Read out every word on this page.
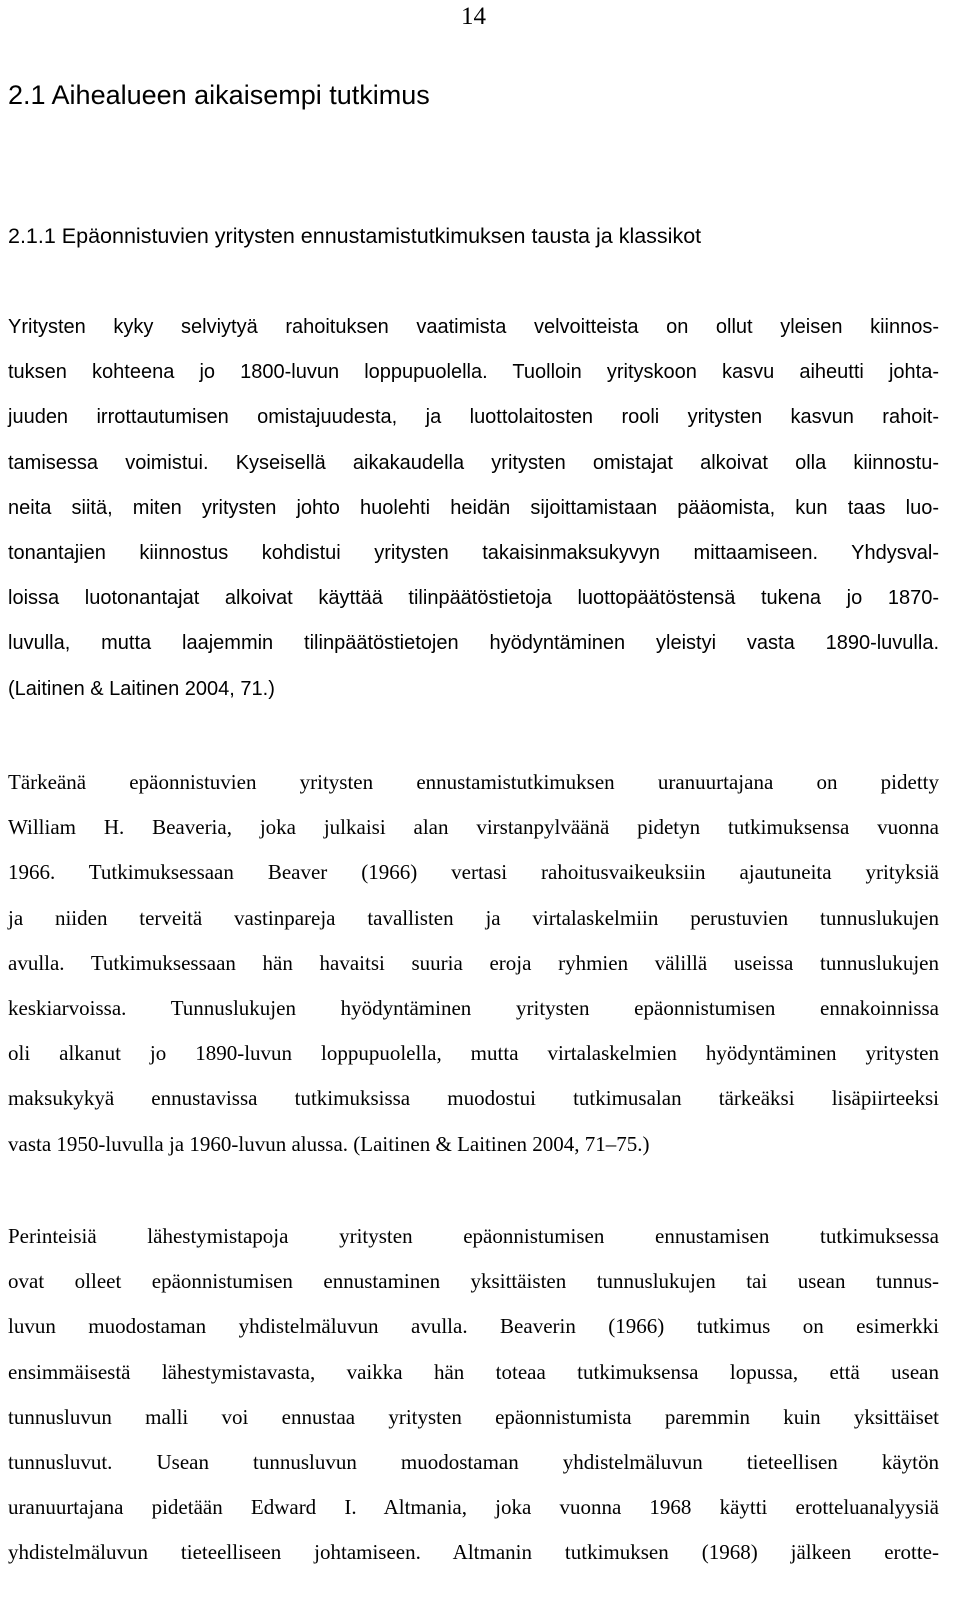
14
2.1 Aihealueen aikaisempi tutkimus
2.1.1 Epäonnistuvien yritysten ennustamistutkimuksen tausta ja klassikot
Yritysten kyky selviytyä rahoituksen vaatimista velvoitteista on ollut yleisen kiinnos-
tuksen kohteena jo 1800-luvun loppupuolella. Tuolloin yrityskoon kasvu aiheutti johta-
juuden irrottautumisen omistajuudesta, ja luottolaitosten rooli yritysten kasvun rahoit-
tamisessa voimistui. Kyseisellä aikakaudella yritysten omistajat alkoivat olla kiinnostu-
neita siitä, miten yritysten johto huolehti heidän sijoittamistaan pääomista, kun taas luo-
tonantajien kiinnostus kohdistui yritysten takaisinmaksukyvyn mittaamiseen. Yhdysval-
loissa luotonantajat alkoivat käyttää tilinpäätöstietoja luottopäätöstensä tukena jo 1870-
luvulla, mutta laajemmin tilinpäätöstietojen hyödyntäminen yleistyi vasta 1890-luvulla.
(Laitinen & Laitinen 2004, 71.)
Tärkeänä epäonnistuvien yritysten ennustamistutkimuksen uranuurtajana on pidetty
William H. Beaveria, joka julkaisi alan virstanpylväänä pidetyn tutkimuksensa vuonna
1966. Tutkimuksessaan Beaver (1966) vertasi rahoitusvaikeuksiin ajautuneita yrityksiä
ja niiden terveitä vastinpareja tavallisten ja virtalaskelmiin perustuvien tunnuslukujen
avulla. Tutkimuksessaan hän havaitsi suuria eroja ryhmien välillä useissa tunnuslukujen
keskiarvoissa. Tunnuslukujen hyödyntäminen yritysten epäonnistumisen ennakoinnissa
oli alkanut jo 1890-luvun loppupuolella, mutta virtalaskelmien hyödyntäminen yritysten
maksukykyä ennustavissa tutkimuksissa muodostui tutkimusalan tärkeäksi lisäpiirteeksi
vasta 1950-luvulla ja 1960-luvun alussa. (Laitinen & Laitinen 2004, 71–75.)
Perinteisiä lähestymistapoja yritysten epäonnistumisen ennustamisen tutkimuksessa
ovat olleet epäonnistumisen ennustaminen yksittäisten tunnuslukujen tai usean tunnus-
luvun muodostaman yhdistelmäluvun avulla. Beaverin (1966) tutkimus on esimerkki
ensimmäisestä lähestymistavasta, vaikka hän toteaa tutkimuksensa lopussa, että usean
tunnusluvun malli voi ennustaa yritysten epäonnistumista paremmin kuin yksittäiset
tunnusluvut. Usean tunnusluvun muodostaman yhdistelmäluvun tieteellisen käytön
uranuurtajana pidetään Edward I. Altmania, joka vuonna 1968 käytti erotteluanalyysiä
yhdistelmäluvun tieteelliseen johtamiseen. Altmanin tutkimuksen (1968) jälkeen erotte-
